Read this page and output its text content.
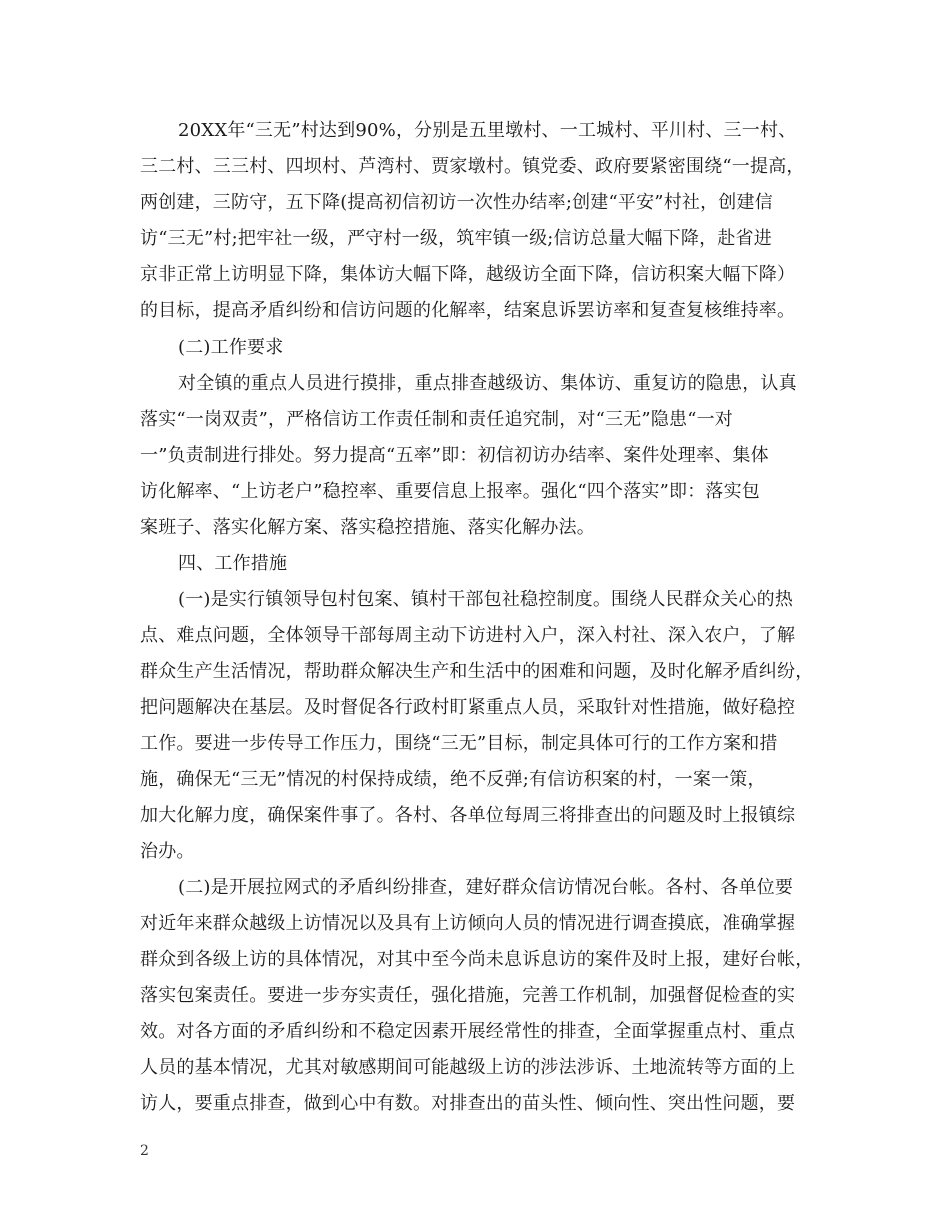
20XX年“三无”村达到90%，分别是五里墩村、一工城村、平川村、三一村、
三二村、三三村、四坝村、芦湾村、贾家墩村。镇党委、政府要紧密围绕“一提高，
两创建，三防守，五下降(提高初信初访一次性办结率;创建“平安”村社，创建信
访“三无”村;把牢社一级，严守村一级，筑牢镇一级;信访总量大幅下降，赴省进
京非正常上访明显下降，集体访大幅下降，越级访全面下降，信访积案大幅下降）
的目标，提高矛盾纠纷和信访问题的化解率，结案息诉罢访率和复查复核维持率。
(二)工作要求
对全镇的重点人员进行摸排，重点排查越级访、集体访、重复访的隐患，认真
落实“一岗双责”，严格信访工作责任制和责任追究制，对“三无”隐患“一对
一”负责制进行排处。努力提高“五率”即：初信初访办结率、案件处理率、集体
访化解率、“上访老户”稳控率、重要信息上报率。强化“四个落实”即：落实包
案班子、落实化解方案、落实稳控措施、落实化解办法。
四、工作措施
(一)是实行镇领导包村包案、镇村干部包社稳控制度。围绕人民群众关心的热
点、难点问题，全体领导干部每周主动下访进村入户，深入村社、深入农户，了解
群众生产生活情况，帮助群众解决生产和生活中的困难和问题，及时化解矛盾纠纷，
把问题解决在基层。及时督促各行政村盯紧重点人员，采取针对性措施，做好稳控
工作。要进一步传导工作压力，围绕“三无”目标，制定具体可行的工作方案和措
施，确保无“三无”情况的村保持成绩，绝不反弹;有信访积案的村，一案一策，
加大化解力度，确保案件事了。各村、各单位每周三将排查出的问题及时上报镇综
治办。
(二)是开展拉网式的矛盾纠纷排查，建好群众信访情况台帐。各村、各单位要
对近年来群众越级上访情况以及具有上访倾向人员的情况进行调查摸底，准确掌握
群众到各级上访的具体情况，对其中至今尚未息诉息访的案件及时上报，建好台帐，
落实包案责任。要进一步夯实责任，强化措施，完善工作机制，加强督促检查的实
效。对各方面的矛盾纠纷和不稳定因素开展经常性的排查，全面掌握重点村、重点
人员的基本情况，尤其对敏感期间可能越级上访的涉法涉诉、土地流转等方面的上
访人，要重点排查，做到心中有数。对排查出的苗头性、倾向性、突出性问题，要
2
